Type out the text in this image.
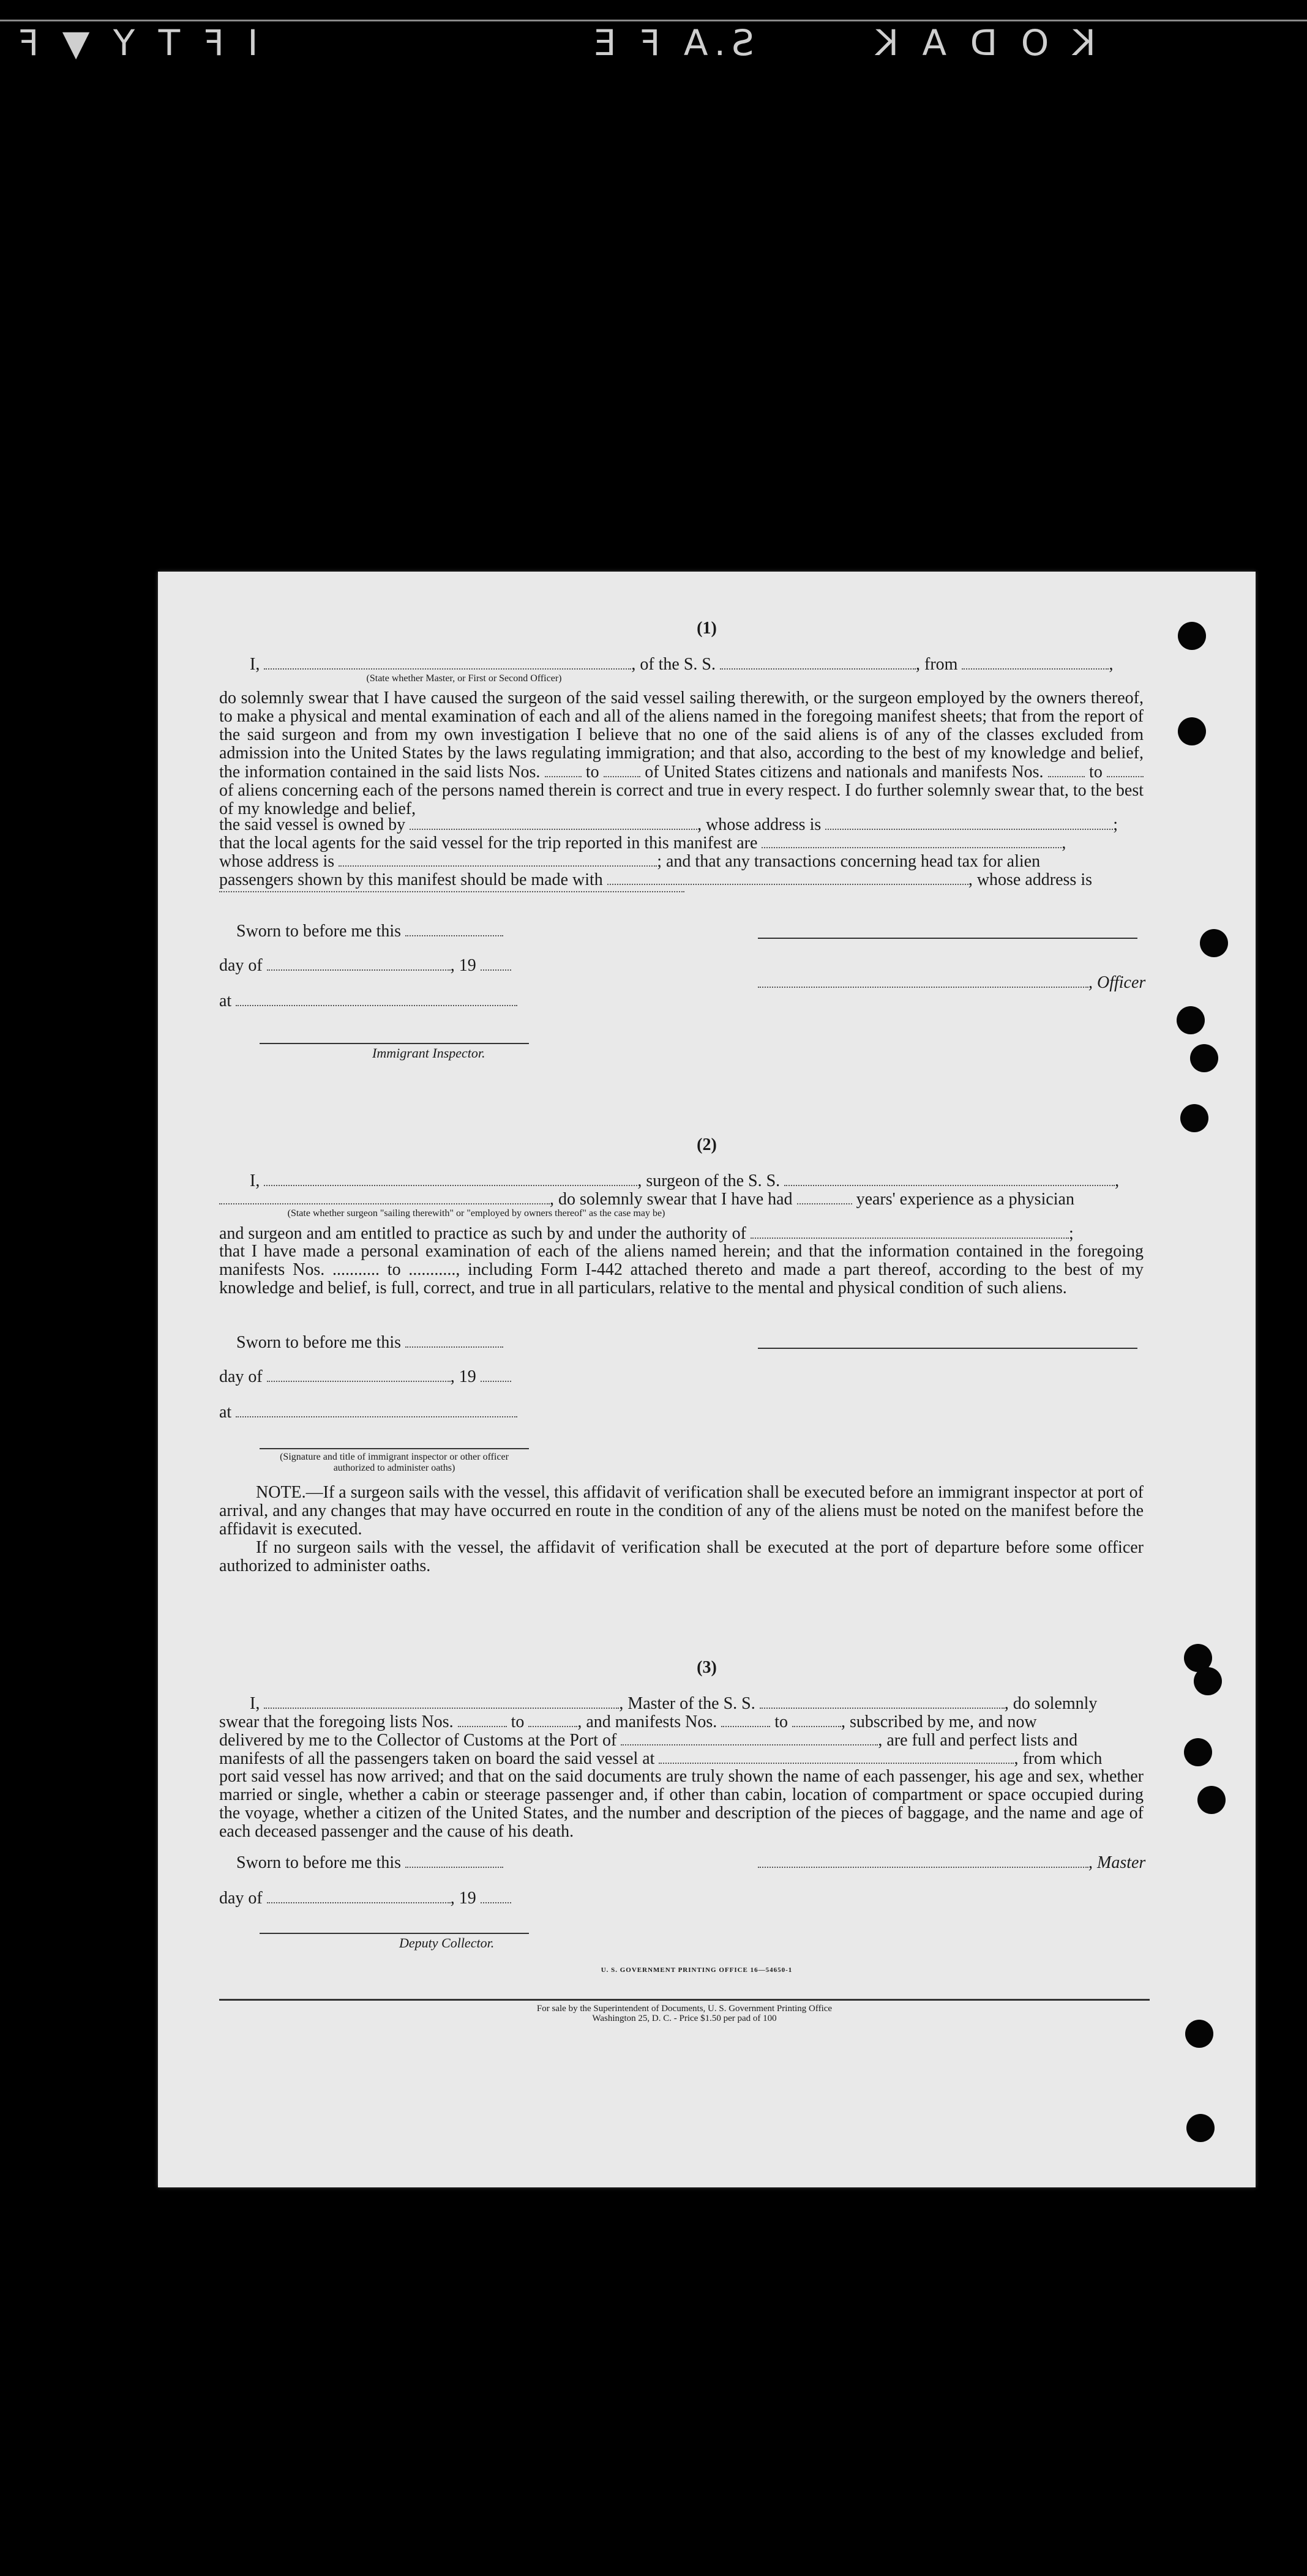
I F T Y ▼ F	S.A F E	K O D A K
(1)
I,	, of the S. S.	, from	,
(State whether Master, or First or Second Officer)
do solemnly swear that I have caused the surgeon of the said vessel sailing therewith, or the surgeon employed by the owners thereof, to make a physical and mental examination of each and all of the aliens named in the foregoing manifest sheets; that from the report of the said surgeon and from my own investigation I believe that no one of the said aliens is of any of the classes excluded from admission into the United States by the laws regulating immigration; and that also, according to the best of my knowledge and belief, the information contained in the said lists Nos.	to	of United States citizens and nationals and manifests Nos.	to  of aliens concerning each of the persons named therein is correct and true in every respect. I do further solemnly swear that, to the best of my knowledge and belief,
the said vessel is owned by	, whose address is	;
that the local agents for the said vessel for the trip reported in this manifest are	,
whose address is	; and that any transactions concerning head tax for alien
passengers shown by this manifest should be made with	, whose address is
Sworn to before me this
day of	, 19
at
Immigrant Inspector.
, Officer
(2)
I,	, surgeon of the S. S.	,
, do solemnly swear that I have had	years' experience as a physician
(State whether surgeon "sailing therewith" or "employed by owners thereof" as the case may be)
and surgeon and am entitled to practice as such by and under the authority of	;
that I have made a personal examination of each of the aliens named herein; and that the information contained in the foregoing manifests Nos. ........... to ..........., including Form I-442 attached thereto and made a part thereof, according to the best of my knowledge and belief, is full, correct, and true in all particulars, relative to the mental and physical condition of such aliens.
Sworn to before me this
day of	, 19
at
(Signature and title of immigrant inspector or other officer authorized to administer oaths)
NOTE.—If a surgeon sails with the vessel, this affidavit of verification shall be executed before an immigrant inspector at port of arrival, and any changes that may have occurred en route in the condition of any of the aliens must be noted on the manifest before the affidavit is executed.
If no surgeon sails with the vessel, the affidavit of verification shall be executed at the port of departure before some officer authorized to administer oaths.
(3)
I,	, Master of the S. S.	, do solemnly
swear that the foregoing lists Nos.	to	, and manifests Nos.	to	, subscribed by me, and now
delivered by me to the Collector of Customs at the Port of	, are full and perfect lists and
manifests of all the passengers taken on board the said vessel at	, from which
port said vessel has now arrived; and that on the said documents are truly shown the name of each passenger, his age and sex, whether married or single, whether a cabin or steerage passenger and, if other than cabin, location of compartment or space occupied during the voyage, whether a citizen of the United States, and the number and description of the pieces of baggage, and the name and age of each deceased passenger and the cause of his death.
Sworn to before me this	, Master
day of	, 19
Deputy Collector.
U. S. GOVERNMENT PRINTING OFFICE 16—54650-1
For sale by the Superintendent of Documents, U. S. Government Printing Office
Washington 25, D. C. - Price $1.50 per pad of 100
